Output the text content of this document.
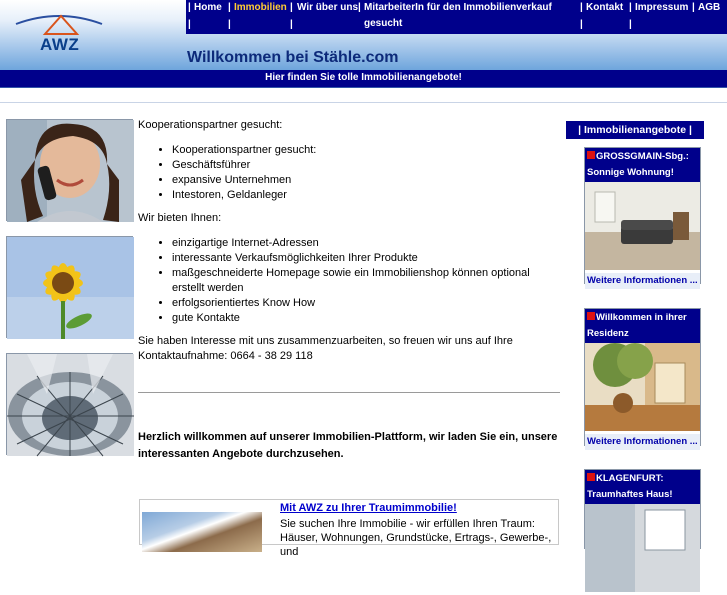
AWZ
| Home
|
| Immobilien
|
| Wir über uns
|
| MitarbeiterIn für den Immobilienverkauf gesucht
| Kontakt
|
| Impressum
|
| AGB
Willkommen bei Stähle.com
Hier finden Sie tolle Immobilienangebote!

Kooperationspartner gesucht:

• Kooperationspartner gesucht:
• Geschäftsführer
• expansive Unternehmen
• Intestoren, Geldanleger

Wir bieten Ihnen:

• einzigartige Internet-Adressen
• interessante Verkaufsmöglichkeiten Ihrer Produkte
• maßgeschneiderte Homepage sowie ein Immobilienshop können optional erstellt werden
• erfolgsorientiertes Know How
• gute Kontakte

Sie haben Interesse mit uns zusammenzuarbeiten, so freuen wir uns auf Ihre Kontaktaufnahme: 0664 - 38 29 118

Herzlich willkommen auf unserer Immobilien-Plattform, wir laden Sie ein, unsere interessanten Angebote durchzusehen.

Mit AWZ zu Ihrer Traumimmobilie!
Sie suchen Ihre Immobilie - wir erfüllen Ihren Traum: Häuser, Wohnungen, Grundstücke, Ertrags-, Gewerbe-, und
| Immobilienangebote |
GROSSGMAIN-Sbg.: Sonnige Wohnung!
Weitere Informationen ...
Willkommen in ihrer Residenz
Weitere Informationen ...
KLAGENFURT: Traumhaftes Haus!
